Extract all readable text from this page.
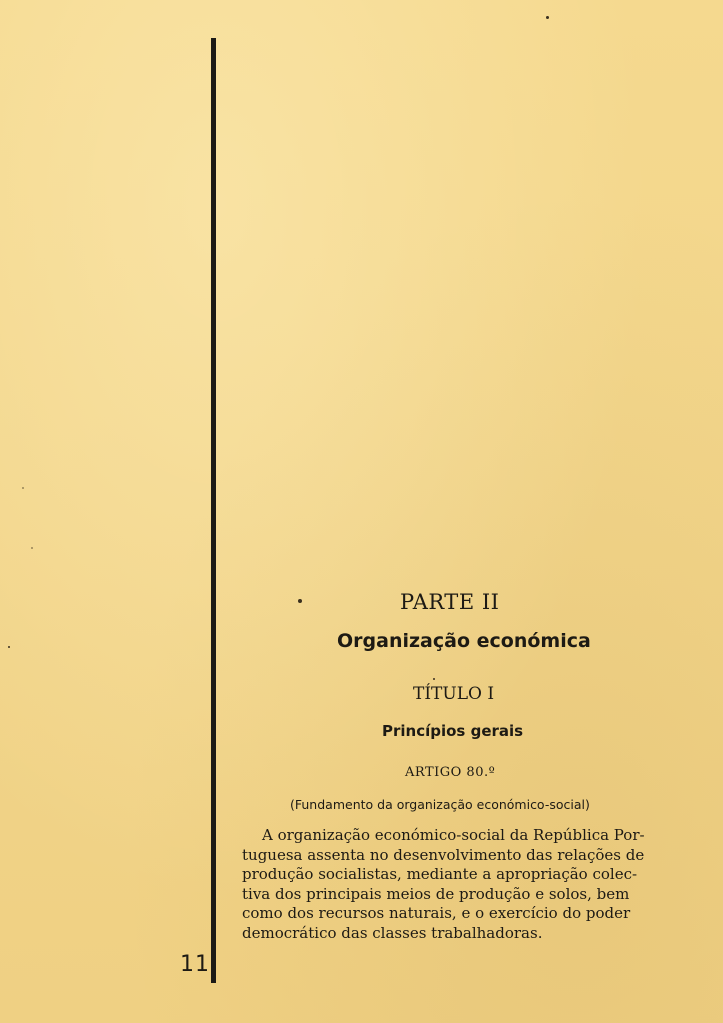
11
PARTE II
Organização económica
TÍTULO I
Princípios gerais
ARTIGO 80.º
(Fundamento da organização económico-social)
A organização económico-social da República Por-
tuguesa assenta no desenvolvimento das relações de
produção socialistas, mediante a apropriação colec-
tiva dos principais meios de produção e solos, bem
como dos recursos naturais, e o exercício do poder
democrático das classes trabalhadoras.
